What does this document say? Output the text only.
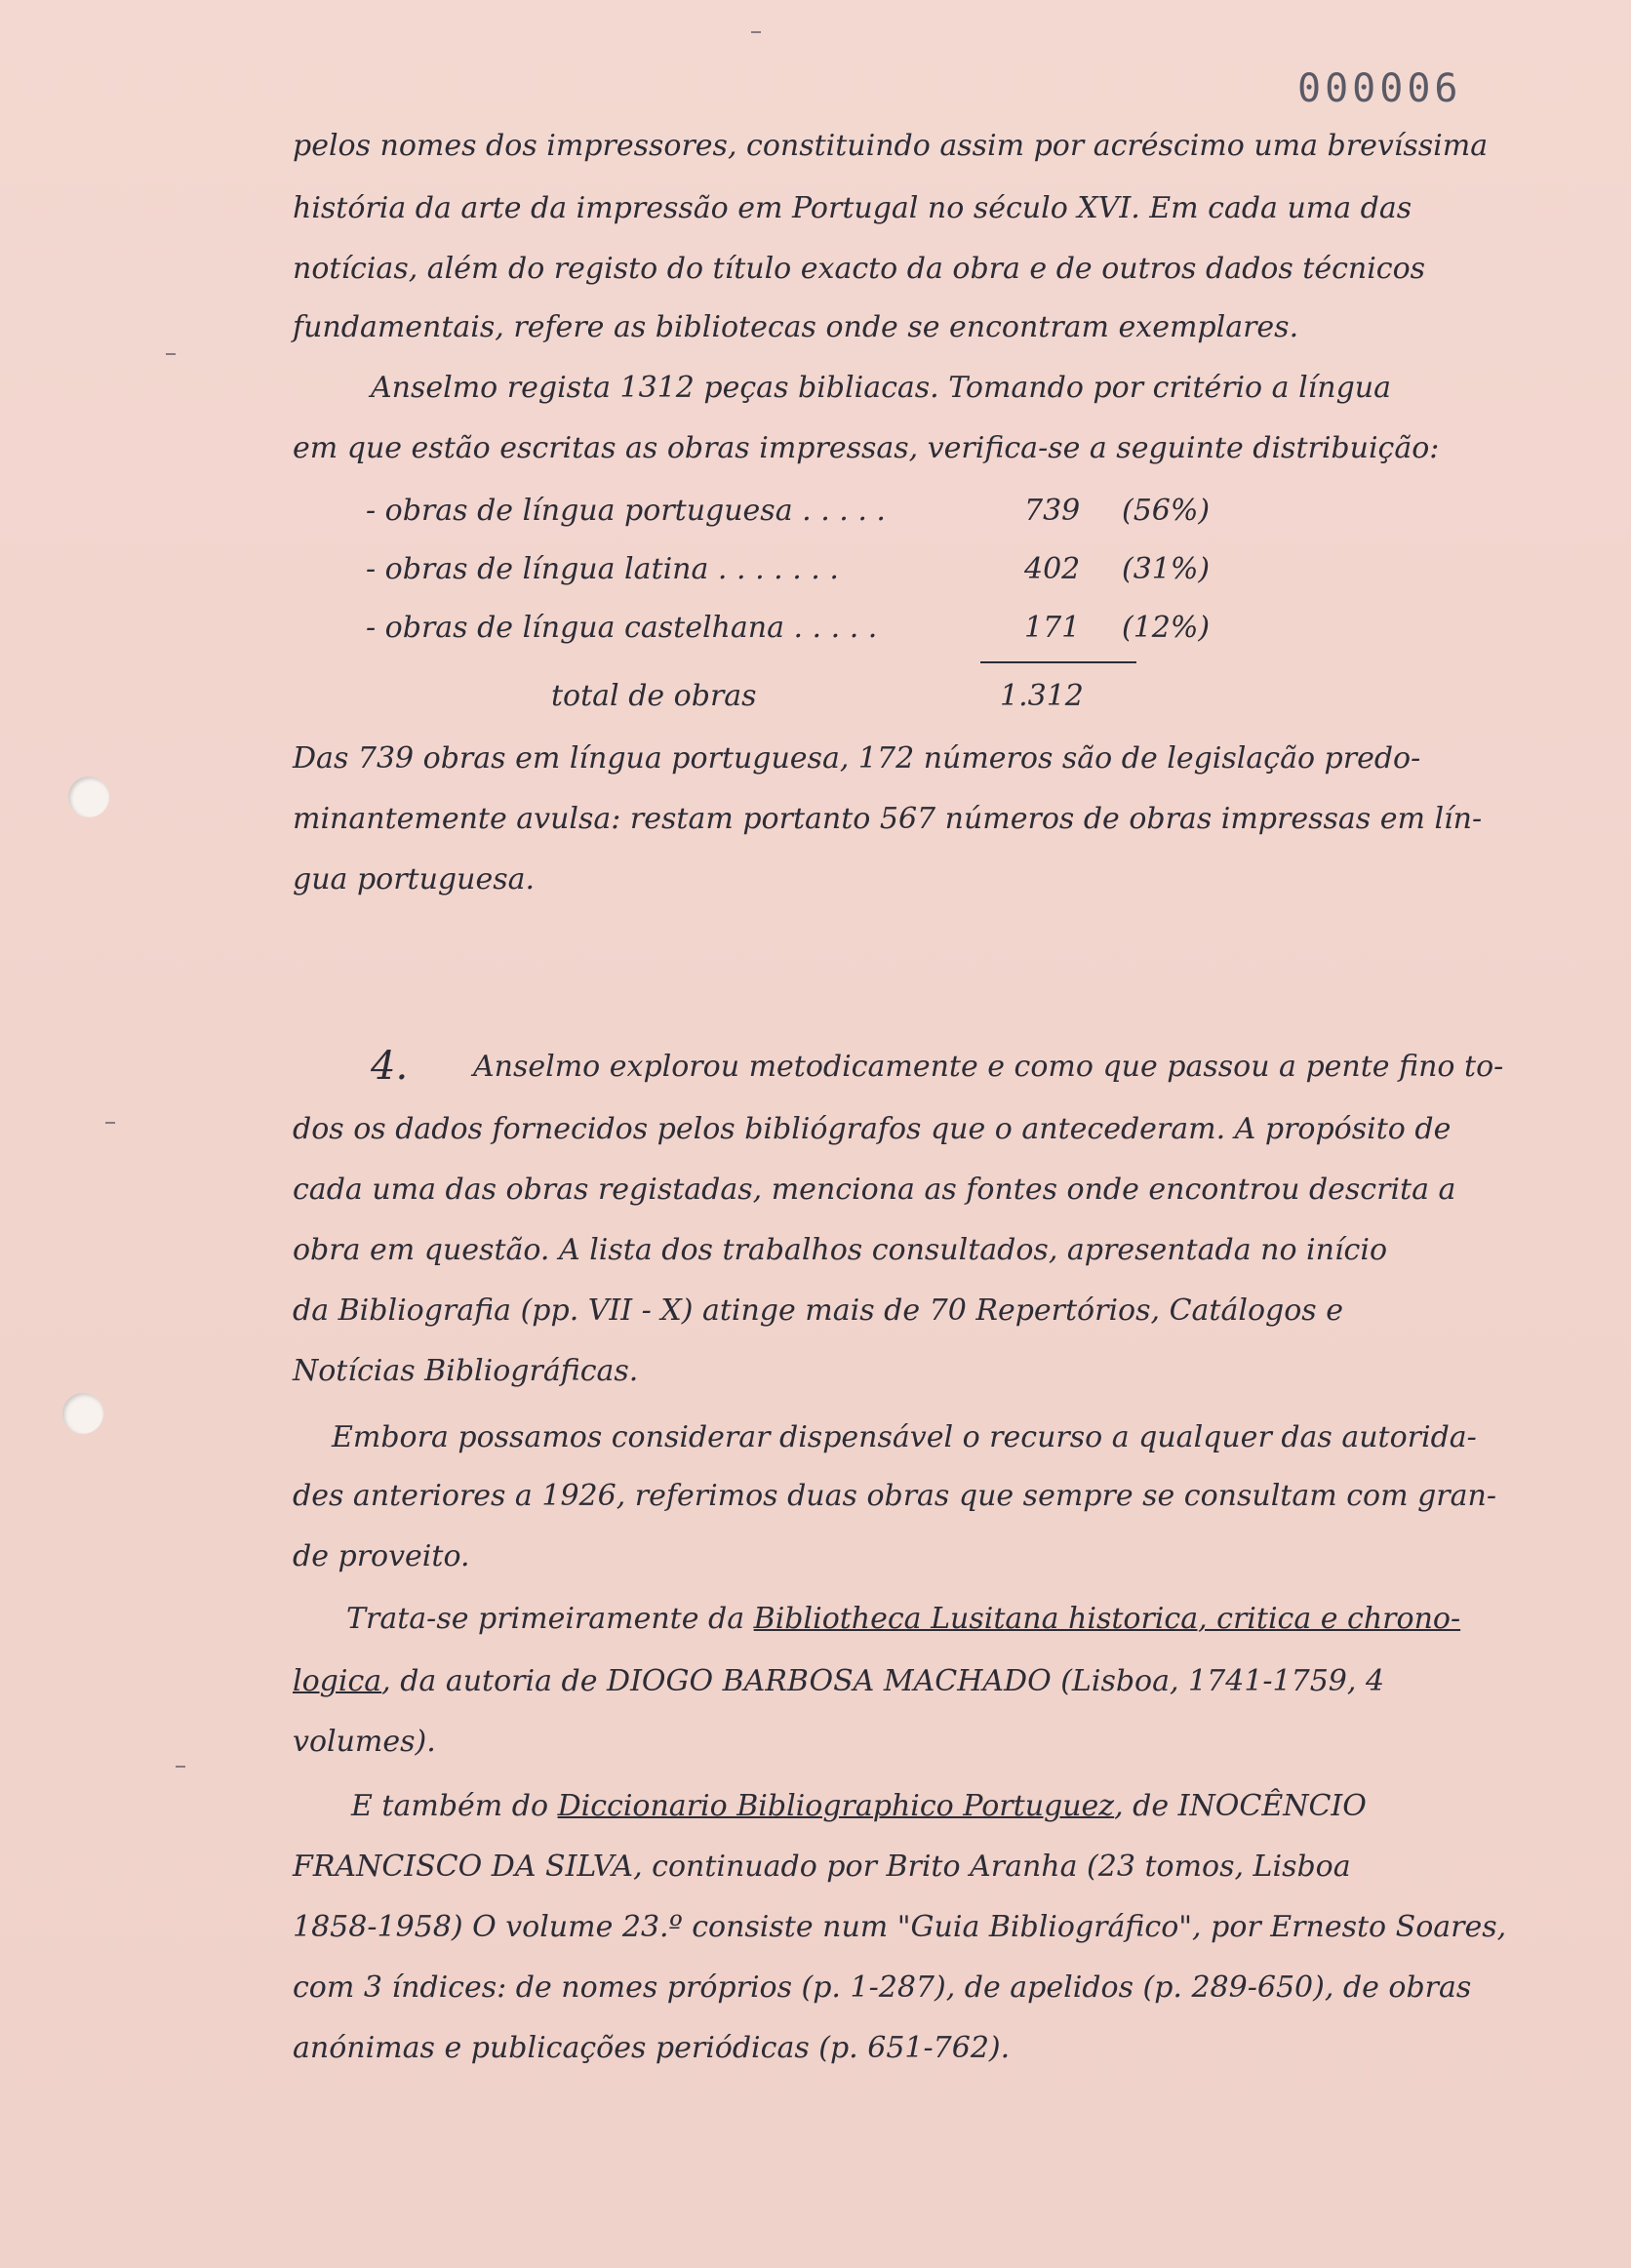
000006
pelos nomes dos impressores, constituindo assim por acréscimo uma brevíssima
história da arte da impressão em Portugal no século XVI. Em cada uma das
notícias, além do registo do título exacto da obra e de outros dados técnicos
fundamentais, refere as bibliotecas onde se encontram exemplares.
Anselmo regista 1312 peças bibliacas. Tomando por critério a língua
em que estão escritas as obras impressas, verifica-se a seguinte distribuição:
- obras de língua portuguesa . . . . .	739 (56%)
- obras de língua latina . . . . . . .	402 (31%)
- obras de língua castelhana . . . . .	171 (12%)
total de obras	1.312
Das 739 obras em língua portuguesa, 172 números são de legislação predo-
minantemente avulsa: restam portanto 567 números de obras impressas em lín-
gua portuguesa.
4. Anselmo explorou metodicamente e como que passou a pente fino to-
dos os dados fornecidos pelos bibliógrafos que o antecederam. A propósito de
cada uma das obras registadas, menciona as fontes onde encontrou descrita a
obra em questão. A lista dos trabalhos consultados, apresentada no início
da Bibliografia (pp. VII - X) atinge mais de 70 Repertórios, Catálogos e
Notícias Bibliográficas.
Embora possamos considerar dispensável o recurso a qualquer das autorida-
des anteriores a 1926, referimos duas obras que sempre se consultam com gran-
de proveito.
Trata-se primeiramente da Bibliotheca Lusitana historica, critica e chrono-
logica, da autoria de DIOGO BARBOSA MACHADO (Lisboa, 1741-1759, 4
volumes).
E também do Diccionario Bibliographico Portuguez, de INOCÊNCIO
FRANCISCO DA SILVA, continuado por Brito Aranha (23 tomos, Lisboa
1858-1958) O volume 23.º consiste num "Guia Bibliográfico", por Ernesto Soares,
com 3 índices: de nomes próprios (p. 1-287), de apelidos (p. 289-650), de obras
anónimas e publicações periódicas (p. 651-762).
